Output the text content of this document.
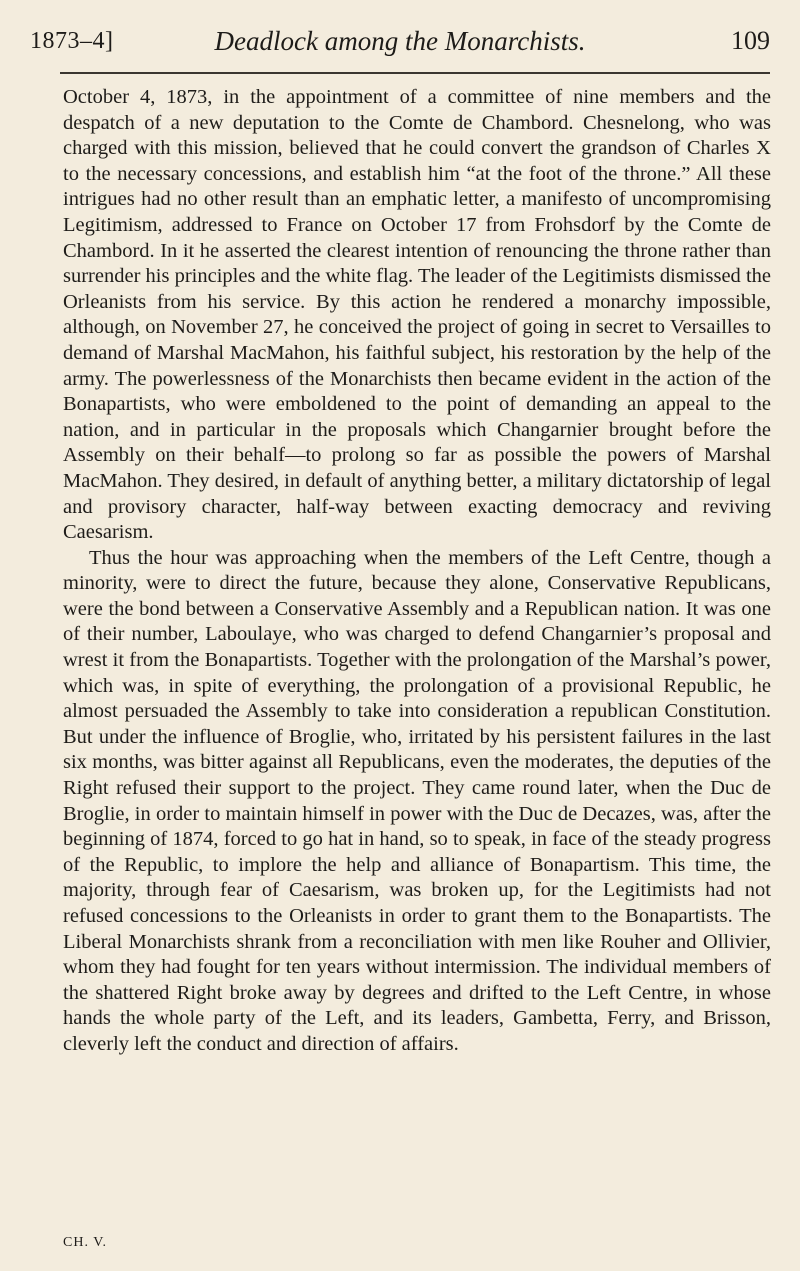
1873–4]	Deadlock among the Monarchists.	109

October 4, 1873, in the appointment of a committee of nine members and the despatch of a new deputation to the Comte de Chambord. Chesnelong, who was charged with this mission, believed that he could convert the grandson of Charles X to the necessary concessions, and establish him “at the foot of the throne.” All these intrigues had no other result than an emphatic letter, a manifesto of uncompromising Legitimism, addressed to France on October 17 from Frohsdorf by the Comte de Chambord. In it he asserted the clearest intention of renouncing the throne rather than surrender his principles and the white flag. The leader of the Legitimists dismissed the Orleanists from his service. By this action he rendered a monarchy impossible, although, on November 27, he conceived the project of going in secret to Versailles to demand of Marshal MacMahon, his faithful subject, his restoration by the help of the army. The powerlessness of the Monarchists then became evident in the action of the Bonapartists, who were emboldened to the point of demanding an appeal to the nation, and in particular in the proposals which Changarnier brought before the Assembly on their behalf—to prolong so far as possible the powers of Marshal MacMahon. They desired, in default of anything better, a military dictatorship of legal and provisory character, half-way between exacting democracy and reviving Caesarism.

Thus the hour was approaching when the members of the Left Centre, though a minority, were to direct the future, because they alone, Conservative Republicans, were the bond between a Conservative Assembly and a Republican nation. It was one of their number, Laboulaye, who was charged to defend Changarnier’s proposal and wrest it from the Bonapartists. Together with the prolongation of the Marshal’s power, which was, in spite of everything, the prolongation of a provisional Republic, he almost persuaded the Assembly to take into consideration a republican Constitution. But under the influence of Broglie, who, irritated by his persistent failures in the last six months, was bitter against all Republicans, even the moderates, the deputies of the Right refused their support to the project. They came round later, when the Duc de Broglie, in order to maintain himself in power with the Duc de Decazes, was, after the beginning of 1874, forced to go hat in hand, so to speak, in face of the steady progress of the Republic, to implore the help and alliance of Bonapartism. This time, the majority, through fear of Caesarism, was broken up, for the Legitimists had not refused concessions to the Orleanists in order to grant them to the Bonapartists. The Liberal Monarchists shrank from a reconciliation with men like Rouher and Ollivier, whom they had fought for ten years without intermission. The individual members of the shattered Right broke away by degrees and drifted to the Left Centre, in whose hands the whole party of the Left, and its leaders, Gambetta, Ferry, and Brisson, cleverly left the conduct and direction of affairs.

CH. V.
